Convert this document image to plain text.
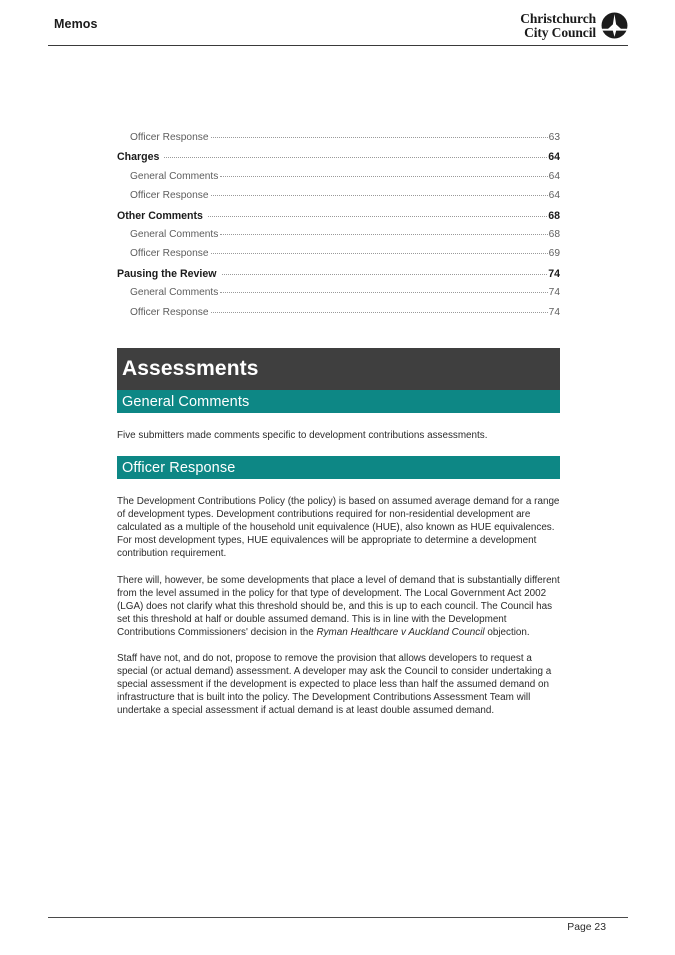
Memos	Christchurch
City Council
Officer Response	63
Charges	64
General Comments	64
Officer Response	64
Other Comments	68
General Comments	68
Officer Response	69
Pausing the Review	74
General Comments	74
Officer Response	74
Assessments
General Comments

Five submitters made comments specific to development contributions assessments.

Officer Response

The Development Contributions Policy (the policy) is based on assumed average demand for a range of development types. Development contributions required for non-residential development are calculated as a multiple of the household unit equivalence (HUE), also known as HUE equivalences. For most development types, HUE equivalences will be appropriate to determine a development contribution requirement.

There will, however, be some developments that place a level of demand that is substantially different from the level assumed in the policy for that type of development. The Local Government Act 2002 (LGA) does not clarify what this threshold should be, and this is up to each council. The Council has set this threshold at half or double assumed demand. This is in line with the Development Contributions Commissioners' decision in the Ryman Healthcare v Auckland Council objection.

Staff have not, and do not, propose to remove the provision that allows developers to request a special (or actual demand) assessment. A developer may ask the Council to consider undertaking a special assessment if the development is expected to place less than half the assumed demand on infrastructure that is built into the policy. The Development Contributions Assessment Team will undertake a special assessment if actual demand is at least double assumed demand.

Page 23
